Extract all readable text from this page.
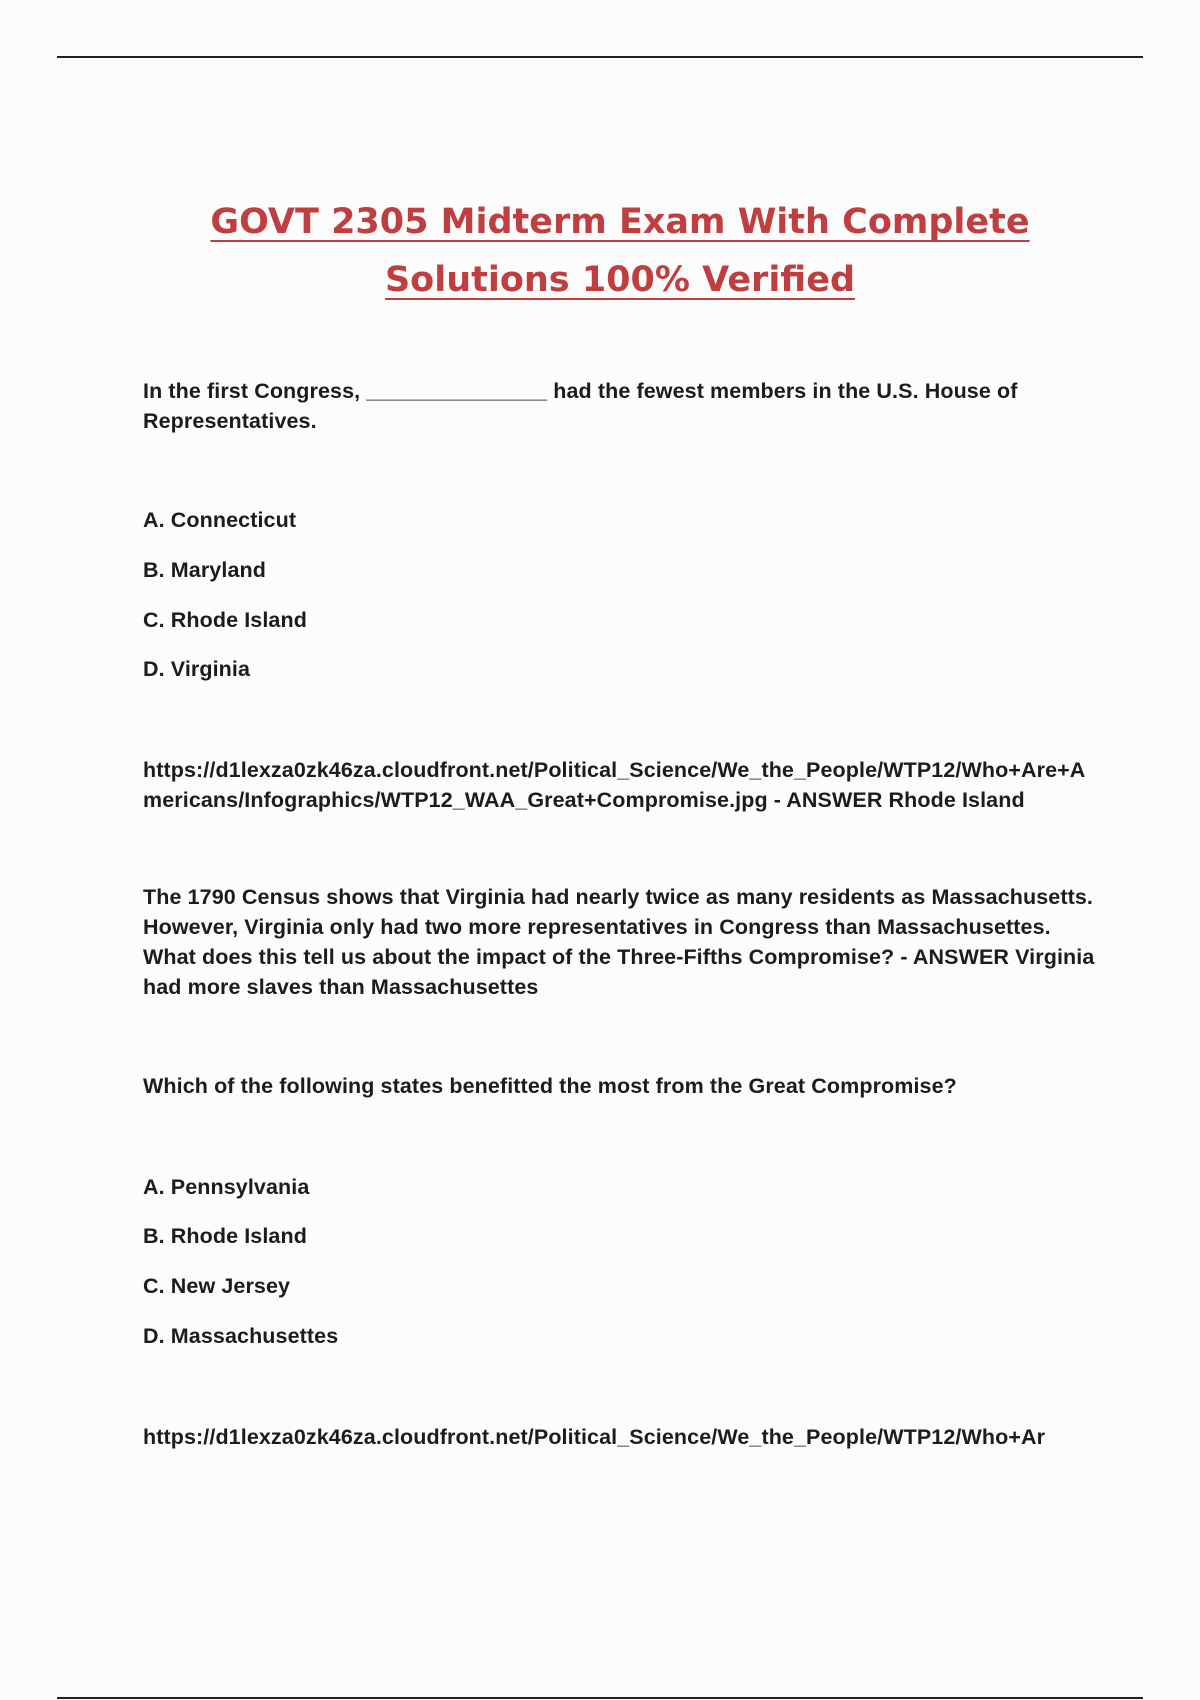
GOVT 2305 Midterm Exam With Complete
Solutions 100% Verified

In the first Congress, _______________ had the fewest members in the U.S. House of Representatives.

A. Connecticut

B. Maryland

C. Rhode Island

D. Virginia

https://d1lexza0zk46za.cloudfront.net/Political_Science/We_the_People/WTP12/Who+Are+Americans/Infographics/WTP12_WAA_Great+Compromise.jpg - ANSWER Rhode Island

The 1790 Census shows that Virginia had nearly twice as many residents as Massachusetts. However, Virginia only had two more representatives in Congress than Massachusettes. What does this tell us about the impact of the Three-Fifths Compromise? - ANSWER Virginia had more slaves than Massachusettes

Which of the following states benefitted the most from the Great Compromise?

A. Pennsylvania

B. Rhode Island

C. New Jersey

D. Massachusettes

https://d1lexza0zk46za.cloudfront.net/Political_Science/We_the_People/WTP12/Who+Ar
